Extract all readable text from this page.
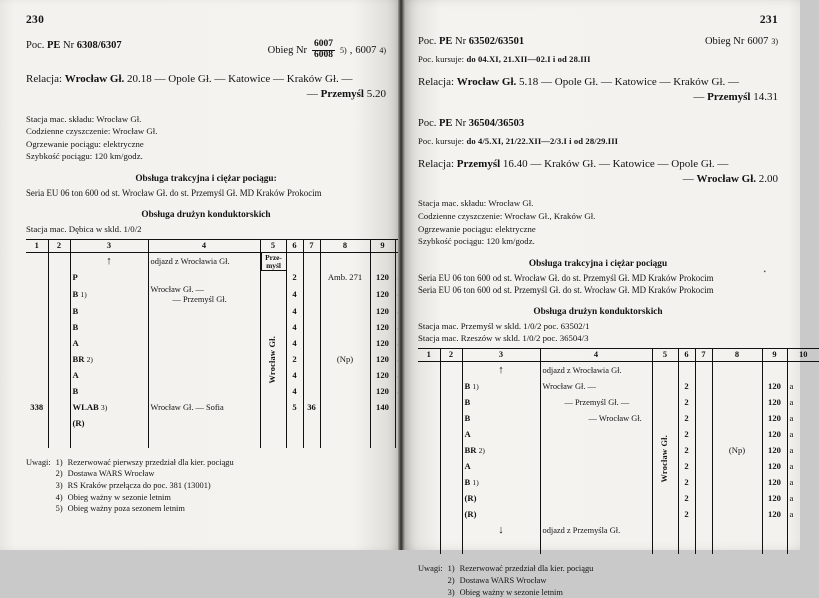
230
Poc. PE Nr 6308/6307	Obieg Nr $\frac{6007}{6008} 5$) , 6007 4)
Relacja: Wrocław Gł. 20.18 — Opole Gł. — Katowice — Kraków Gł. —
— Przemyśl 5.20
Stacja mac. składu: Wrocław Gł.
Codzienne czyszczenie: Wrocław Gł.
Ogrzewanie pociągu: elektryczne
Szybkość pociągu: 120 km/godz.
Obsługa trakcyjna i ciężar pociągu:
Seria EU 06 ton 600 od st. Wrocław Gł. do st. Przemyśl Gł. MD Kraków Prokocim
Obsługa drużyn konduktorskich
Stacja mac. Dębica w skld. 1/0/2
1	2	3	4	5	6	7	8	9	
		↑	odjazd z Wrocławia Gł.	Prze-
myśl
Wrocław Gł.					

		P			2		Amb. 271	120	
		B 1)	Wrocław Gł. —
— Przemyśl Gł.		4			120	
		B			4			120	
		B			4			120	
		A			4			120	
		BR 2)			2		(Np)	120	
		A			4			120	
		B			4			120	
338		WLAB 3)	Wrocław Gł. — Sofia		5	36		140	
		(R)							

Uwagi:	1)	Rezerwować pierwszy przedział dla kier. pociągu
	2)	Dostawa WARS Wrocław
	3)	RS Kraków przełącza do poc. 381 (13001)
	4)	Obieg ważny w sezonie letnim
	5)	Obieg ważny poza sezonem letnim
231
Poc. PE Nr 63502/63501	Obieg Nr 6007 3)
Poc. kursuje: do 04.XI, 21.XII—02.I i od 28.III
Relacja: Wrocław Gł. 5.18 — Opole Gł. — Katowice — Kraków Gł. —
— Przemyśl 14.31
Poc. PE Nr 36504/36503
Poc. kursuje: do 4/5.XI, 21/22.XII—2/3.I i od 28/29.III
Relacja: Przemyśl 16.40 — Kraków Gł. — Katowice — Opole Gł. —
— Wrocław Gł. 2.00
Stacja mac. składu: Wrocław Gł.
Codzienne czyszczenie: Wrocław Gł., Kraków Gł.
Ogrzewanie pociągu: elektryczne
Szybkość pociągu: 120 km/godz.
Obsługa trakcyjna i ciężar pociągu
Seria EU 06 ton 600 od st. Wrocław Gł. do st. Przemyśl Gł. MD Kraków Prokocim
Seria EU 06 ton 600 od st. Przemyśl Gł. do st. Wrocław Gł. MD Kraków Prokocim
Obsługa drużyn konduktorskich
Stacja mac. Przemyśl w skld. 1/0/2 poc. 63502/1
Stacja mac. Rzeszów w skld. 1/0/2 poc. 36504/3
•
1	2	3	4	5	6	7	8	9	10
		↑	odjazd z Wrocławia Gł.	Wrocław Gł.					

		B 1)	Wrocław Gł. —		2			120	a
		B	— Przemyśl Gł. —		2			120	a
		B	— Wrocław Gł.		2			120	a
		A			2			120	a
		BR 2)			2		(Np)	120	a
		A			2			120	a
		B 1)			2			120	a
		(R)			2			120	a
		(R)			2			120	a
		↓	odjazd z Przemyśla Gł.						

Uwagi:	1)	Rezerwować przedział dla kier. pociągu
	2)	Dostawa WARS Wrocław
	3)	Obieg ważny w sezonie letnim
